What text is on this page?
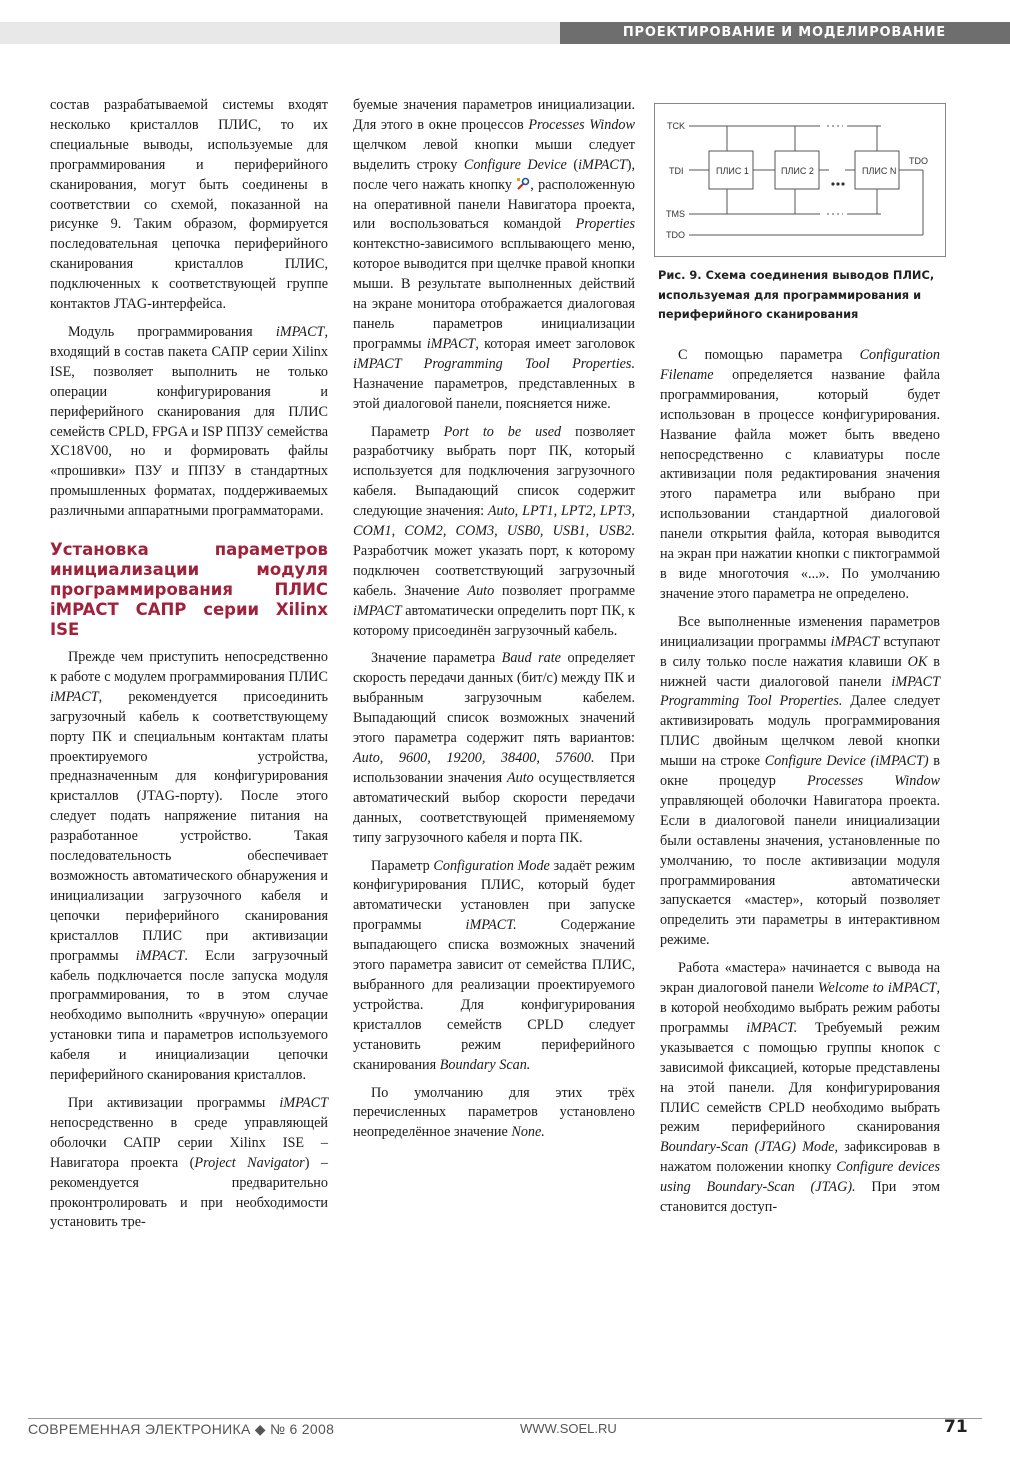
ПРОЕКТИРОВАНИЕ И МОДЕЛИРОВАНИЕ

состав разрабатываемой системы входят несколько кристаллов ПЛИС, то их специальные выводы, используемые для программирования и периферийного сканирования, могут быть соединены в соответствии со схемой, показанной на рисунке 9. Таким образом, формируется последовательная цепочка периферийного сканирования кристаллов ПЛИС, подключенных к соответствующей группе контактов JTAG-интерфейса.

Модуль программирования iMPACT, входящий в состав пакета САПР серии Xilinx ISE, позволяет выполнить не только операции конфигурирования и периферийного сканирования для ПЛИС семейств CPLD, FPGA и ISP ППЗУ семейства XC18V00, но и формировать файлы «прошивки» ПЗУ и ППЗУ в стандартных промышленных форматах, поддерживаемых различными аппаратными программаторами.

Установка параметров инициализации модуля программирования ПЛИС iMPACT САПР серии Xilinx ISE

Прежде чем приступить непосредственно к работе с модулем программирования ПЛИС iMPACT, рекомендуется присоединить загрузочный кабель к соответствующему порту ПК и специальным контактам платы проектируемого устройства, предназначенным для конфигурирования кристаллов (JTAG-порту). После этого следует подать напряжение питания на разработанное устройство. Такая последовательность обеспечивает возможность автоматического обнаружения и инициализации загрузочного кабеля и цепочки периферийного сканирования кристаллов ПЛИС при активизации программы iMPACT. Если загрузочный кабель подключается после запуска модуля программирования, то в этом случае необходимо выполнить «вручную» операции установки типа и параметров используемого кабеля и инициализации цепочки периферийного сканирования кристаллов.

При активизации программы iMPACT непосредственно в среде управляющей оболочки САПР серии Xilinx ISE – Навигатора проекта (Project Navigator) – рекомендуется предварительно проконтролировать и при необходимости установить тре-

буемые значения параметров инициализации. Для этого в окне процессов Processes Window щелчком левой кнопки мыши следует выделить строку Configure Device (iMPACT), после чего нажать кнопку , расположенную на оперативной панели Навигатора проекта, или воспользоваться командой Properties контекстно-зависимого всплывающего меню, которое выводится при щелчке правой кнопки мыши. В результате выполненных действий на экране монитора отображается диалоговая панель параметров инициализации программы iMPACT, которая имеет заголовок iMPACT Programming Tool Properties. Назначение параметров, представленных в этой диалоговой панели, поясняется ниже.

Параметр Port to be used позволяет разработчику выбрать порт ПК, который используется для подключения загрузочного кабеля. Выпадающий список содержит следующие значения: Auto, LPT1, LPT2, LPT3, COM1, COM2, COM3, USB0, USB1, USB2. Разработчик может указать порт, к которому подключен соответствующий загрузочный кабель. Значение Auto позволяет программе iMPACT автоматически определить порт ПК, к которому присоединён загрузочный кабель.

Значение параметра Baud rate определяет скорость передачи данных (бит/с) между ПК и выбранным загрузочным кабелем. Выпадающий список возможных значений этого параметра содержит пять вариантов: Auto, 9600, 19200, 38400, 57600. При использовании значения Auto осуществляется автоматический выбор скорости передачи данных, соответствующей применяемому типу загрузочного кабеля и порта ПК.

Параметр Configuration Mode задаёт режим конфигурирования ПЛИС, который будет автоматически установлен при запуске программы iMPACT. Содержание выпадающего списка возможных значений этого параметра зависит от семейства ПЛИС, выбранного для реализации проектируемого устройства. Для конфигурирования кристаллов семейств CPLD следует установить режим периферийного сканирования Boundary Scan.

По умолчанию для этих трёх перечисленных параметров установлено неопределённое значение None.

TCK
TDI
TMS
TDO
TDO
ПЛИС 1	ПЛИС 2	ПЛИС N
Рис. 9. Схема соединения выводов ПЛИС, используемая для программирования и периферийного сканирования

С помощью параметра Configuration Filename определяется название файла программирования, который будет использован в процессе конфигурирования. Название файла может быть введено непосредственно с клавиатуры после активизации поля редактирования значения этого параметра или выбрано при использовании стандартной диалоговой панели открытия файла, которая выводится на экран при нажатии кнопки с пиктограммой в виде многоточия «...». По умолчанию значение этого параметра не определено.

Все выполненные изменения параметров инициализации программы iMPACT вступают в силу только после нажатия клавиши OK в нижней части диалоговой панели iMPACT Programming Tool Properties. Далее следует активизировать модуль программирования ПЛИС двойным щелчком левой кнопки мыши на строке Configure Device (iMPACT) в окне процедур Processes Window управляющей оболочки Навигатора проекта. Если в диалоговой панели инициализации были оставлены значения, установленные по умолчанию, то после активизации модуля программирования автоматически запускается «мастер», который позволяет определить эти параметры в интерактивном режиме.

Работа «мастера» начинается с вывода на экран диалоговой панели Welcome to iMPACT, в которой необходимо выбрать режим работы программы iMPACT. Требуемый режим указывается с помощью группы кнопок с зависимой фиксацией, которые представлены на этой панели. Для конфигурирования ПЛИС семейств CPLD необходимо выбрать режим периферийного сканирования Boundary-Scan (JTAG) Mode, зафиксировав в нажатом положении кнопку Configure devices using Boundary-Scan (JTAG). При этом становится доступ-

СОВРЕМЕННАЯ ЭЛЕКТРОНИКА ◆ № 6 2008	WWW.SOEL.RU	71
